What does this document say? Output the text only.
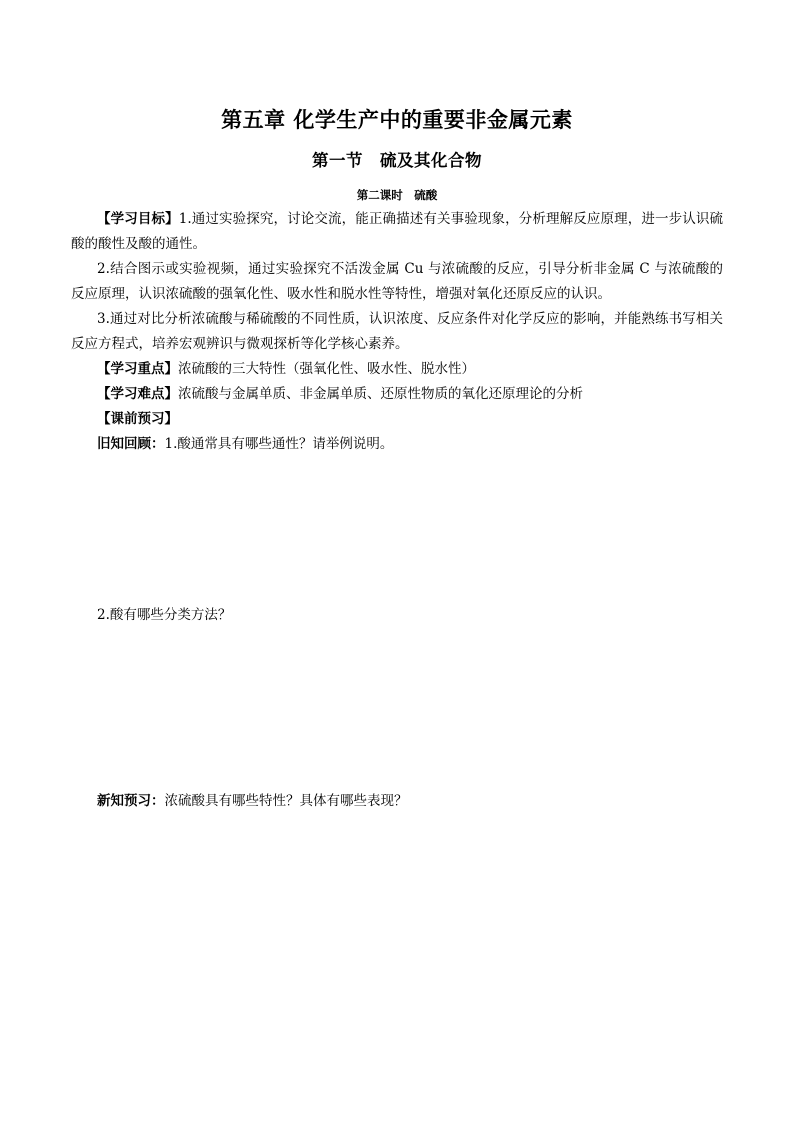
第五章 化学生产中的重要非金属元素
第一节　硫及其化合物
第二课时　硫酸

【学习目标】1.通过实验探究，讨论交流，能正确描述有关事验现象，分析理解反应原理，进一步认识硫酸的酸性及酸的通性。

2.结合图示或实验视频，通过实验探究不活泼金属 Cu 与浓硫酸的反应，引导分析非金属 C 与浓硫酸的反应原理，认识浓硫酸的强氧化性、吸水性和脱水性等特性，增强对氧化还原反应的认识。

3.通过对比分析浓硫酸与稀硫酸的不同性质，认识浓度、反应条件对化学反应的影响，并能熟练书写相关反应方程式，培养宏观辨识与微观探析等化学核心素养。

【学习重点】浓硫酸的三大特性（强氧化性、吸水性、脱水性）

【学习难点】浓硫酸与金属单质、非金属单质、还原性物质的氧化还原理论的分析

【课前预习】

旧知回顾：1.酸通常具有哪些通性？请举例说明。

2.酸有哪些分类方法？
新知预习：浓硫酸具有哪些特性？具体有哪些表现？
